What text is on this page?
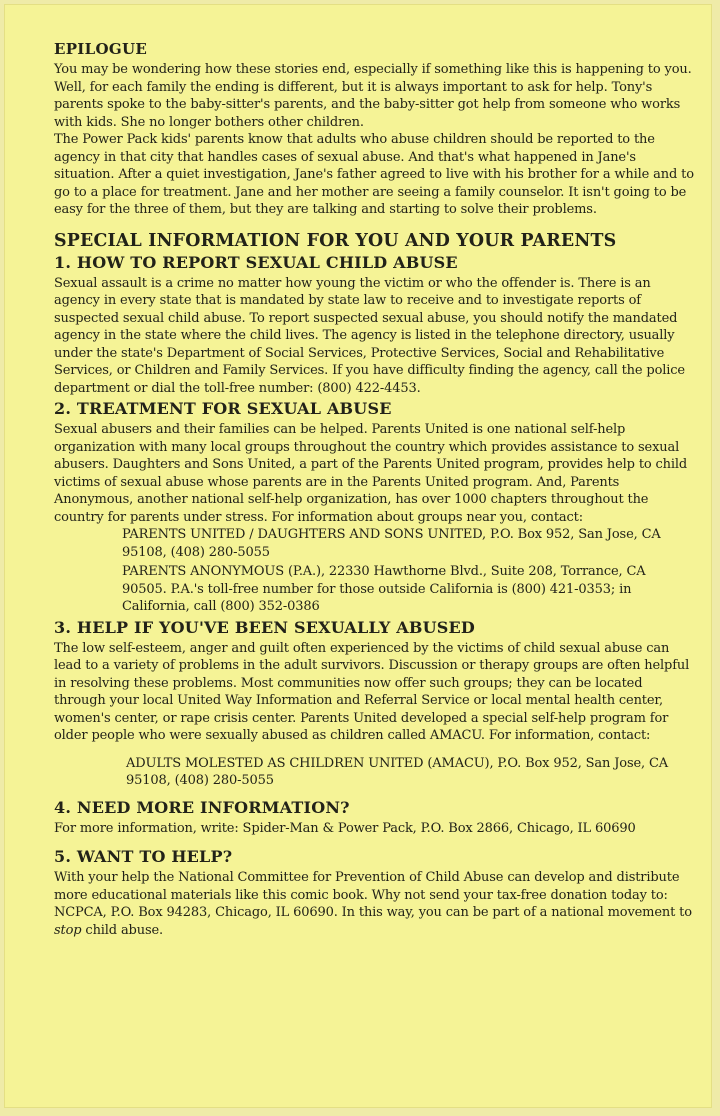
EPILOGUE

You may be wondering how these stories end, especially if something like this is happening to you. Well, for each family the ending is different, but it is always important to ask for help. Tony's parents spoke to the baby-sitter's parents, and the baby-sitter got help from someone who works with kids. She no longer bothers other children.

The Power Pack kids' parents know that adults who abuse children should be reported to the agency in that city that handles cases of sexual abuse. And that's what happened in Jane's situation. After a quiet investigation, Jane's father agreed to live with his brother for a while and to go to a place for treatment. Jane and her mother are seeing a family counselor. It isn't going to be easy for the three of them, but they are talking and starting to solve their problems.

SPECIAL INFORMATION FOR YOU AND YOUR PARENTS
1. HOW TO REPORT SEXUAL CHILD ABUSE

Sexual assault is a crime no matter how young the victim or who the offender is. There is an agency in every state that is mandated by state law to receive and to investigate reports of suspected sexual child abuse. To report suspected sexual abuse, you should notify the mandated agency in the state where the child lives. The agency is listed in the telephone directory, usually under the state's Department of Social Services, Protective Services, Social and Rehabilitative Services, or Children and Family Services. If you have difficulty finding the agency, call the police department or dial the toll-free number: (800) 422-4453.

2. TREATMENT FOR SEXUAL ABUSE

Sexual abusers and their families can be helped. Parents United is one national self-help organization with many local groups throughout the country which provides assistance to sexual abusers. Daughters and Sons United, a part of the Parents United program, provides help to child victims of sexual abuse whose parents are in the Parents United program. And, Parents Anonymous, another national self-help organization, has over 1000 chapters throughout the country for parents under stress. For information about groups near you, contact:

PARENTS UNITED / DAUGHTERS AND SONS UNITED, P.O. Box 952, San Jose, CA 95108, (408) 280-5055

PARENTS ANONYMOUS (P.A.), 22330 Hawthorne Blvd., Suite 208, Torrance, CA 90505. P.A.'s toll-free number for those outside California is (800) 421-0353; in California, call (800) 352-0386

3. HELP IF YOU'VE BEEN SEXUALLY ABUSED

The low self-esteem, anger and guilt often experienced by the victims of child sexual abuse can lead to a variety of problems in the adult survivors. Discussion or therapy groups are often helpful in resolving these problems. Most communities now offer such groups; they can be located through your local United Way Information and Referral Service or local mental health center, women's center, or rape crisis center. Parents United developed a special self-help program for older people who were sexually abused as children called AMACU. For information, contact:

ADULTS MOLESTED AS CHILDREN UNITED (AMACU), P.O. Box 952, San Jose, CA 95108, (408) 280-5055

4. NEED MORE INFORMATION?

For more information, write: Spider-Man & Power Pack, P.O. Box 2866, Chicago, IL 60690

5. WANT TO HELP?

With your help the National Committee for Prevention of Child Abuse can develop and distribute more educational materials like this comic book. Why not send your tax-free donation today to: NCPCA, P.O. Box 94283, Chicago, IL 60690. In this way, you can be part of a national movement to stop child abuse.
